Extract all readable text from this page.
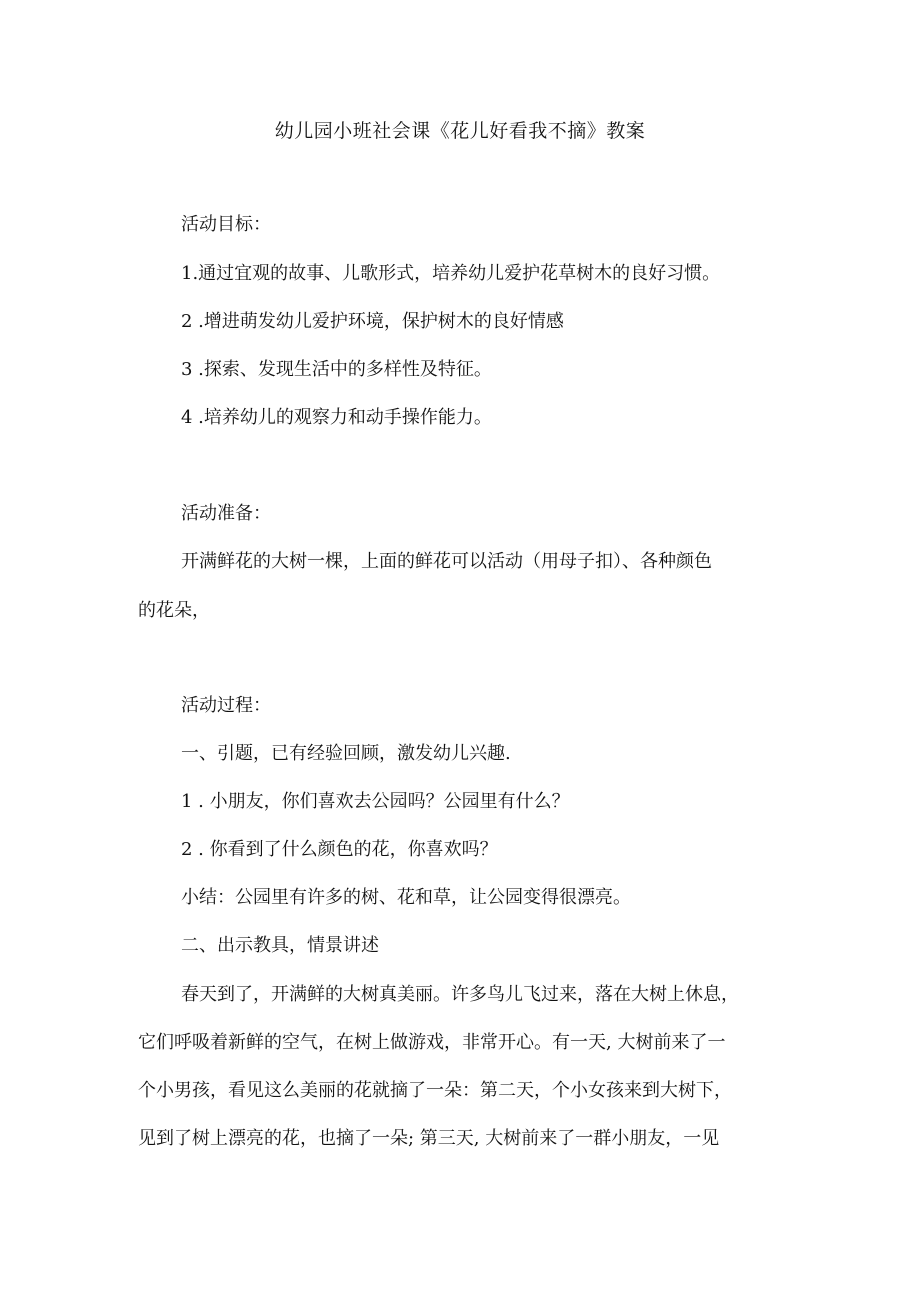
幼儿园小班社会课《花儿好看我不摘》教案
活动目标：
1.通过宜观的故事、儿歌形式，培养幼儿爱护花草树木的良好习惯。
2 .增进萌发幼儿爱护环境，保护树木的良好情感
3 .探索、发现生活中的多样性及特征。
4 .培养幼儿的观察力和动手操作能力。
活动准备：
开满鲜花的大树一棵，上面的鲜花可以活动（用母子扣）、各种颜色
的花朵，
活动过程：
一、引题，已有经验回顾，激发幼儿兴趣.
1 . 小朋友，你们喜欢去公园吗？公园里有什么？
2 . 你看到了什么颜色的花，你喜欢吗？
小结：公园里有许多的树、花和草，让公园变得很漂亮。
二、出示教具，情景讲述
春天到了，开满鲜的大树真美丽。许多鸟儿飞过来，落在大树上休息，
它们呼吸着新鲜的空气，在树上做游戏，非常开心。有一天, 大树前来了一
个小男孩，看见这么美丽的花就摘了一朵：第二天，个小女孩来到大树下，
见到了树上漂亮的花，也摘了一朵; 第三天, 大树前来了一群小朋友，一见
